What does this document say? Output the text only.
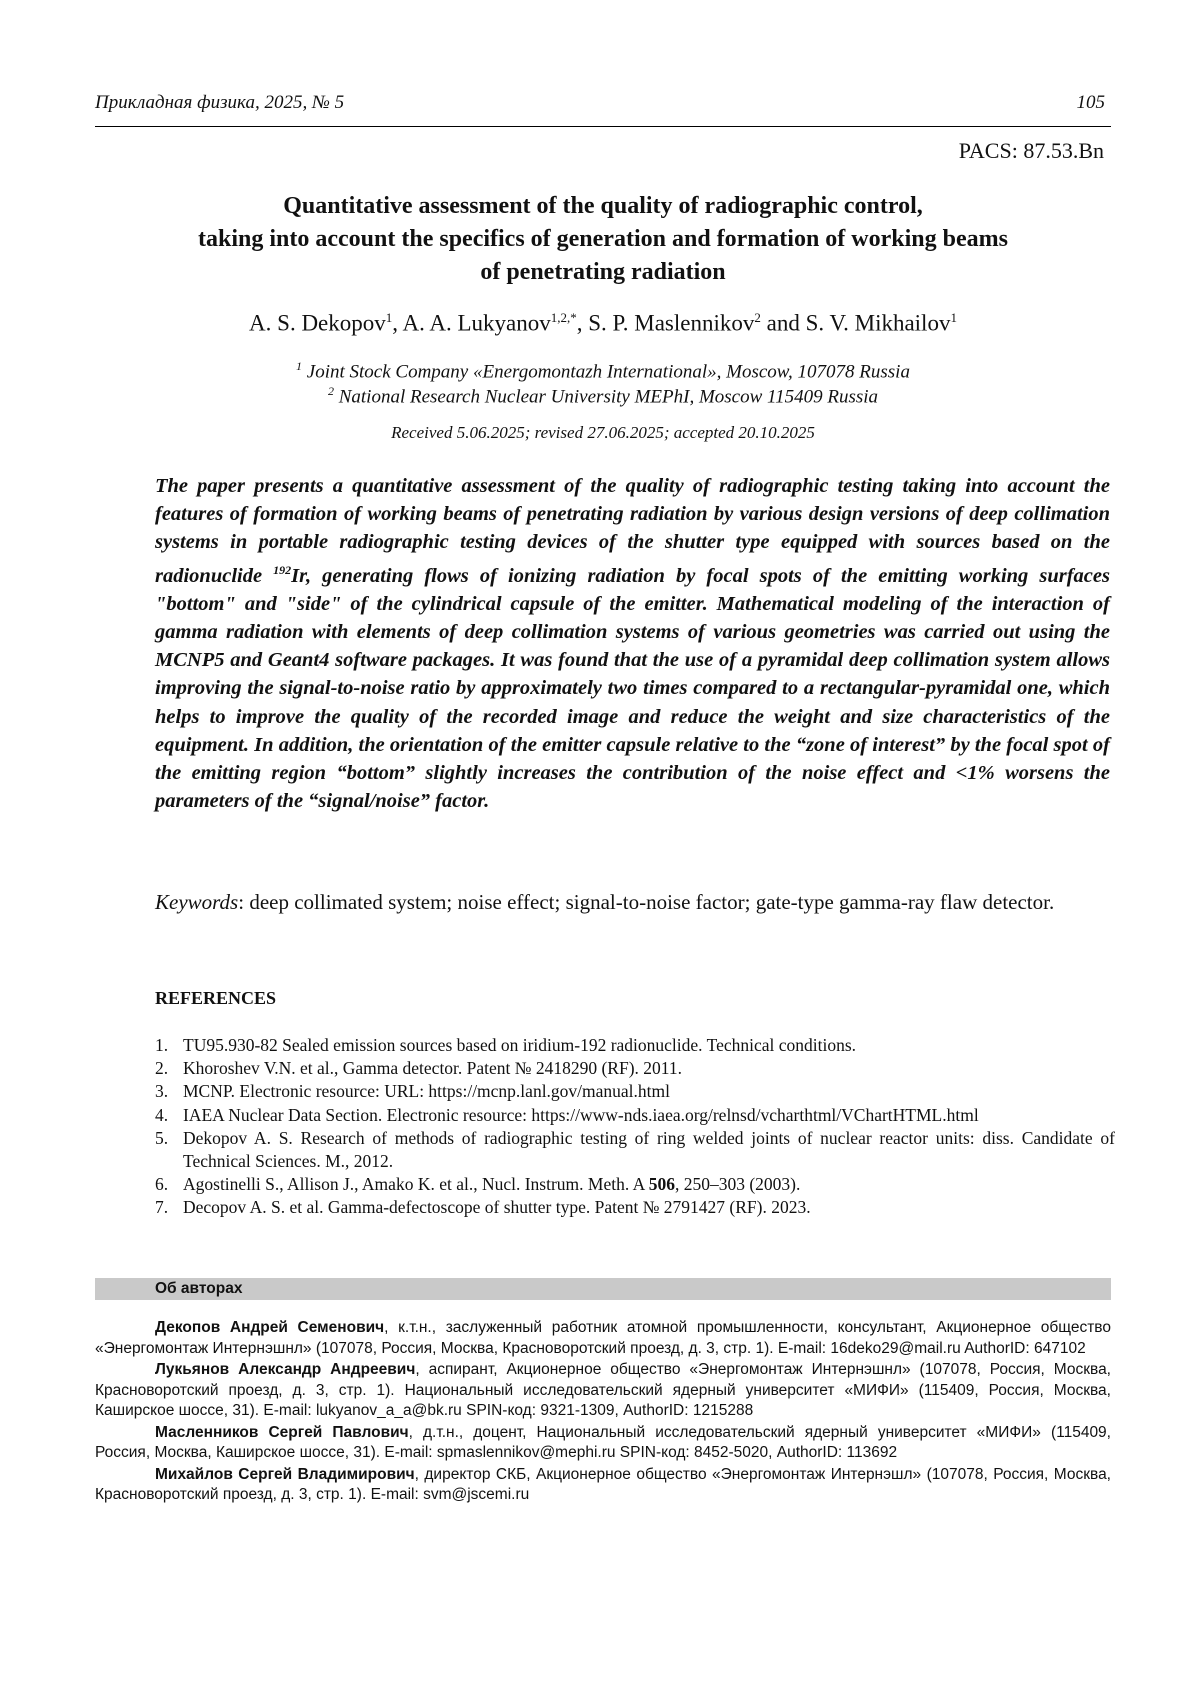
Прикладная физика, 2025, № 5	105
PACS: 87.53.Bn
Quantitative assessment of the quality of radiographic control,
taking into account the specifics of generation and formation of working beams
of penetrating radiation
A. S. Dekopov$^1$, A. A. Lukyanov$^{1,2,*}$, S. P. Maslennikov$^2$ and S. V. Mikhailov$^1$
$^1$ Joint Stock Company «Energomontazh International», Moscow, 107078 Russia
$^2$ National Research Nuclear University MEPhI, Moscow 115409 Russia
Received 5.06.2025; revised 27.06.2025; accepted 20.10.2025
The paper presents a quantitative assessment of the quality of radiographic testing taking into account the features of formation of working beams of penetrating radiation by various design versions of deep collimation systems in portable radiographic testing devices of the shutter type equipped with sources based on the radionuclide $^{192}$Ir, generating flows of ionizing radiation by focal spots of the emitting working surfaces "bottom" and "side" of the cylindrical capsule of the emitter. Mathematical modeling of the interaction of gamma radiation with elements of deep collimation systems of various geometries was carried out using the MCNP5 and Geant4 software packages. It was found that the use of a pyramidal deep collimation system allows improving the signal-to-noise ratio by approximately two times compared to a rectangular-pyramidal one, which helps to improve the quality of the recorded image and reduce the weight and size characteristics of the equipment. In addition, the orientation of the emitter capsule relative to the “zone of interest” by the focal spot of the emitting region “bottom” slightly increases the contribution of the noise effect and <1% worsens the parameters of the “signal/noise” factor.
Keywords: deep collimated system; noise effect; signal-to-noise factor; gate-type gamma-ray flaw detector.
REFERENCES
1. TU95.930-82 Sealed emission sources based on iridium-192 radionuclide. Technical conditions.
2. Khoroshev V.N. et al., Gamma detector. Patent № 2418290 (RF). 2011.
3. MCNP. Electronic resource: URL: https://mcnp.lanl.gov/manual.html
4. IAEA Nuclear Data Section. Electronic resource: https://www-nds.iaea.org/relnsd/vcharthtml/VChartHTML.html
5. Dekopov A. S. Research of methods of radiographic testing of ring welded joints of nuclear reactor units: diss. Candidate of Technical Sciences. M., 2012.
6. Agostinelli S., Allison J., Amako K. et al., Nucl. Instrum. Meth. A 506, 250–303 (2003).
7. Decopov A. S. et al. Gamma-defectoscope of shutter type. Patent № 2791427 (RF). 2023.
Об авторах

Декопов Андрей Семенович, к.т.н., заслуженный работник атомной промышленности, консультант, Акционерное общество «Энергомонтаж Интернэшнл» (107078, Россия, Москва, Красноворотский проезд, д. 3, стр. 1). E-mail: 16deko29@mail.ru AuthorID: 647102

Лукьянов Александр Андреевич, аспирант, Акционерное общество «Энергомонтаж Интернэшнл» (107078, Россия, Москва, Красноворотский проезд, д. 3, стр. 1). Национальный исследовательский ядерный университет «МИФИ» (115409, Россия, Москва, Каширское шоссе, 31). E-mail: lukyanov_a_a@bk.ru SPIN-код: 9321-1309, AuthorID: 1215288

Масленников Сергей Павлович, д.т.н., доцент, Национальный исследовательский ядерный университет «МИФИ» (115409, Россия, Москва, Каширское шоссе, 31). E-mail: spmaslennikov@mephi.ru SPIN-код: 8452-5020, AuthorID: 113692

Михайлов Сергей Владимирович, директор СКБ, Акционерное общество «Энергомонтаж Интернэшл» (107078, Россия, Москва, Красноворотский проезд, д. 3, стр. 1). E-mail: svm@jscemi.ru
